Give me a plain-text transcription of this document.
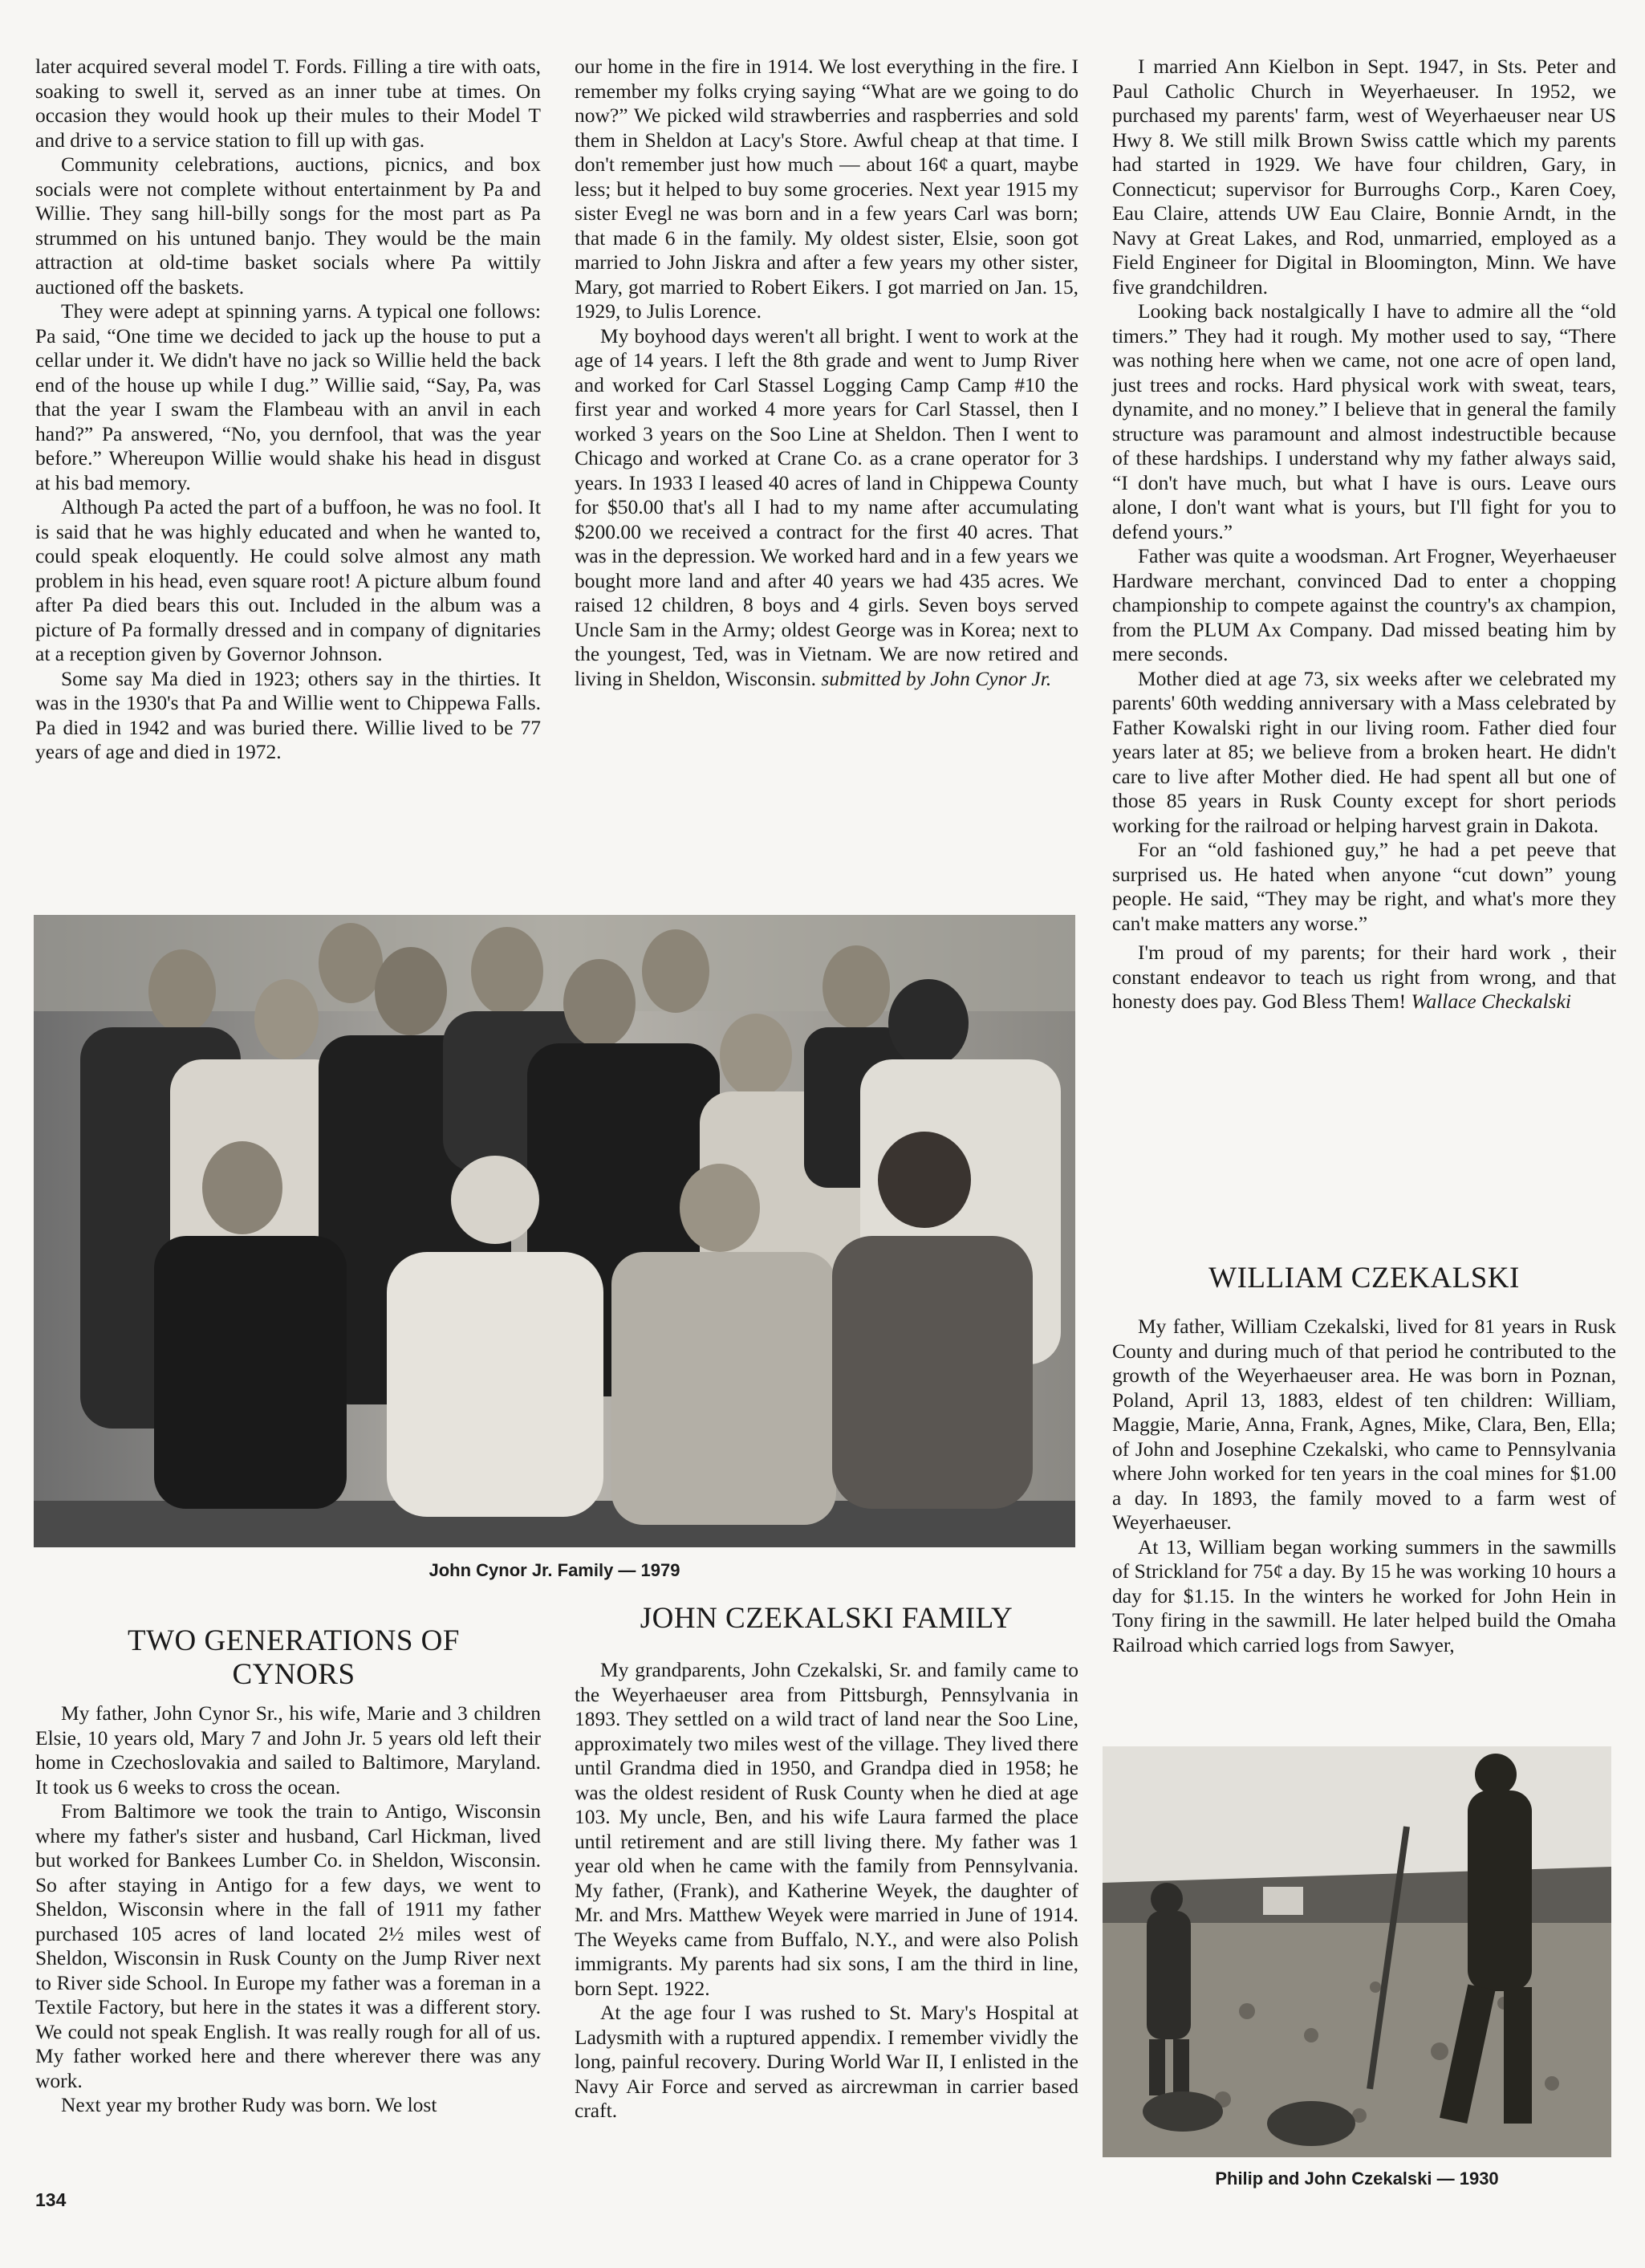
later acquired several model T. Fords. Filling a tire with oats, soaking to swell it, served as an inner tube at times. On occasion they would hook up their mules to their Model T and drive to a service station to fill up with gas.

Community celebrations, auctions, picnics, and box socials were not complete without entertainment by Pa and Willie. They sang hill-billy songs for the most part as Pa strummed on his untuned banjo. They would be the main attraction at old-time basket socials where Pa wittily auctioned off the baskets.

They were adept at spinning yarns. A typical one follows: Pa said, “One time we decided to jack up the house to put a cellar under it. We didn't have no jack so Willie held the back end of the house up while I dug.” Willie said, “Say, Pa, was that the year I swam the Flambeau with an anvil in each hand?” Pa answered, “No, you dernfool, that was the year before.” Whereupon Willie would shake his head in disgust at his bad memory.

Although Pa acted the part of a buffoon, he was no fool. It is said that he was highly educated and when he wanted to, could speak eloquently. He could solve almost any math problem in his head, even square root! A picture album found after Pa died bears this out. Included in the album was a picture of Pa formally dressed and in company of dignitaries at a reception given by Governor Johnson.

Some say Ma died in 1923; others say in the thirties. It was in the 1930's that Pa and Willie went to Chippewa Falls. Pa died in 1942 and was buried there. Willie lived to be 77 years of age and died in 1972.

our home in the fire in 1914. We lost everything in the fire. I remember my folks crying saying “What are we going to do now?” We picked wild strawberries and raspberries and sold them in Sheldon at Lacy's Store. Awful cheap at that time. I don't remember just how much — about 16¢ a quart, maybe less; but it helped to buy some groceries. Next year 1915 my sister Evegl ne was born and in a few years Carl was born; that made 6 in the family. My oldest sister, Elsie, soon got married to John Jiskra and after a few years my other sister, Mary, got married to Robert Eikers. I got married on Jan. 15, 1929, to Julis Lorence.

My boyhood days weren't all bright. I went to work at the age of 14 years. I left the 8th grade and went to Jump River and worked for Carl Stassel Logging Camp Camp #10 the first year and worked 4 more years for Carl Stassel, then I worked 3 years on the Soo Line at Sheldon. Then I went to Chicago and worked at Crane Co. as a crane operator for 3 years. In 1933 I leased 40 acres of land in Chippewa County for $50.00 that's all I had to my name after accumulating $200.00 we received a contract for the first 40 acres. That was in the depression. We worked hard and in a few years we bought more land and after 40 years we had 435 acres. We raised 12 children, 8 boys and 4 girls. Seven boys served Uncle Sam in the Army; oldest George was in Korea; next to the youngest, Ted, was in Vietnam. We are now retired and living in Sheldon, Wisconsin. submitted by John Cynor Jr.

I married Ann Kielbon in Sept. 1947, in Sts. Peter and Paul Catholic Church in Weyerhaeuser. In 1952, we purchased my parents' farm, west of Weyerhaeuser near US Hwy 8. We still milk Brown Swiss cattle which my parents had started in 1929. We have four children, Gary, in Connecticut; supervisor for Burroughs Corp., Karen Coey, Eau Claire, attends UW Eau Claire, Bonnie Arndt, in the Navy at Great Lakes, and Rod, unmarried, employed as a Field Engineer for Digital in Bloomington, Minn. We have five grandchildren.

Looking back nostalgically I have to admire all the “old timers.” They had it rough. My mother used to say, “There was nothing here when we came, not one acre of open land, just trees and rocks. Hard physical work with sweat, tears, dynamite, and no money.” I believe that in general the family structure was paramount and almost indestructible because of these hardships. I understand why my father always said, “I don't have much, but what I have is ours. Leave ours alone, I don't want what is yours, but I'll fight for you to defend yours.”

Father was quite a woodsman. Art Frogner, Weyerhaeuser Hardware merchant, convinced Dad to enter a chopping championship to compete against the country's ax champion, from the PLUM Ax Company. Dad missed beating him by mere seconds.

Mother died at age 73, six weeks after we celebrated my parents' 60th wedding anniversary with a Mass celebrated by Father Kowalski right in our living room. Father died four years later at 85; we believe from a broken heart. He didn't care to live after Mother died. He had spent all but one of those 85 years in Rusk County except for short periods working for the railroad or helping harvest grain in Dakota.

For an “old fashioned guy,” he had a pet peeve that surprised us. He hated when anyone “cut down” young people. He said, “They may be right, and what's more they can't make matters any worse.”

I'm proud of my parents; for their hard work , their constant endeavor to teach us right from wrong, and that honesty does pay. God Bless Them! Wallace Checkalski

John Cynor Jr. Family — 1979
TWO GENERATIONS OF CYNORS

My father, John Cynor Sr., his wife, Marie and 3 children Elsie, 10 years old, Mary 7 and John Jr. 5 years old left their home in Czechoslovakia and sailed to Baltimore, Maryland. It took us 6 weeks to cross the ocean.

From Baltimore we took the train to Antigo, Wisconsin where my father's sister and husband, Carl Hickman, lived but worked for Bankees Lumber Co. in Sheldon, Wisconsin. So after staying in Antigo for a few days, we went to Sheldon, Wisconsin where in the fall of 1911 my father purchased 105 acres of land located 2½ miles west of Sheldon, Wisconsin in Rusk County on the Jump River next to River side School. In Europe my father was a foreman in a Textile Factory, but here in the states it was a different story. We could not speak English. It was really rough for all of us. My father worked here and there wherever there was any work.

Next year my brother Rudy was born. We lost

JOHN CZEKALSKI FAMILY

My grandparents, John Czekalski, Sr. and family came to the Weyerhaeuser area from Pittsburgh, Pennsylvania in 1893. They settled on a wild tract of land near the Soo Line, approximately two miles west of the village. They lived there until Grandma died in 1950, and Grandpa died in 1958; he was the oldest resident of Rusk County when he died at age 103. My uncle, Ben, and his wife Laura farmed the place until retirement and are still living there. My father was 1 year old when he came with the family from Pennsylvania. My father, (Frank), and Katherine Weyek, the daughter of Mr. and Mrs. Matthew Weyek were married in June of 1914. The Weyeks came from Buffalo, N.Y., and were also Polish immigrants. My parents had six sons, I am the third in line, born Sept. 1922.

At the age four I was rushed to St. Mary's Hospital at Ladysmith with a ruptured appendix. I remember vividly the long, painful recovery. During World War II, I enlisted in the Navy Air Force and served as aircrewman in carrier based craft.

WILLIAM CZEKALSKI

My father, William Czekalski, lived for 81 years in Rusk County and during much of that period he contributed to the growth of the Weyerhaeuser area. He was born in Poznan, Poland, April 13, 1883, eldest of ten children: William, Maggie, Marie, Anna, Frank, Agnes, Mike, Clara, Ben, Ella; of John and Josephine Czekalski, who came to Pennsylvania where John worked for ten years in the coal mines for $1.00 a day. In 1893, the family moved to a farm west of Weyerhaeuser.

At 13, William began working summers in the sawmills of Strickland for 75¢ a day. By 15 he was working 10 hours a day for $1.15. In the winters he worked for John Hein in Tony firing in the sawmill. He later helped build the Omaha Railroad which carried logs from Sawyer,

Philip and John Czekalski — 1930
134
